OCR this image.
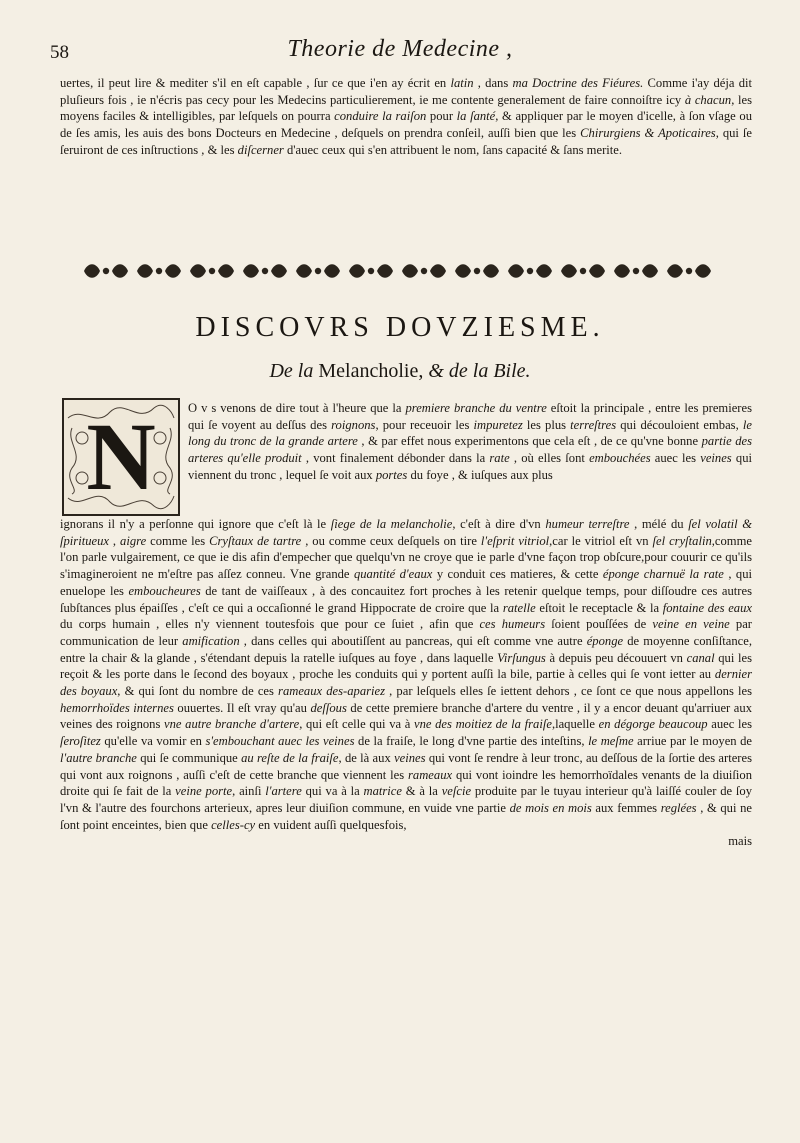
58	Theorie de Medecine ,
uertes, il peut lire & mediter s'il en eſt capable , ſur ce que i'en ay écrit en latin , dans ma Doctrine des Fiéures. Comme i'ay déja dit pluſieurs fois , ie n'écris pas cecy pour les Medecins particulierement, ie me contente generalement de faire connoiſtre icy à chacun, les moyens faciles & intelligibles, par leſquels on pourra conduire la raiſon pour la ſanté, & appliquer par le moyen d'icelle, à ſon vſage ou de ſes amis, les auis des bons Docteurs en Medecine , deſquels on prendra conſeil, auſſi bien que les Chirurgiens & Apoticaires, qui ſe ſeruiront de ces inſtructions , & les diſcerner d'auec ceux qui s'en attribuent le nom, ſans capacité & ſans merite.
DISCOVRS DOVZIESME.
De la Melancholie, & de la Bile.
N	O v s venons de dire tout à l'heure que la premiere branche du ventre eſtoit la principale , entre les premieres qui ſe voyent au deſſus des roignons, pour receuoir les impuretez les plus terreſtres qui découloient embas, le long du tronc de la grande artere , & par effet nous experimentons que cela eſt , de ce qu'vne bonne partie des arteres qu'elle produit , vont finalement débonder dans la rate , où elles ſont embouchées auec les veines qui viennent du tronc , lequel ſe voit aux portes du foye , & iuſques aux plus
ignorans il n'y a perſonne qui ignore que c'eſt là le ſiege de la melancholie, c'eſt à dire d'vn humeur terreſtre , mélé du ſel volatil & ſpiritueux , aigre comme les Cryſtaux de tartre , ou comme ceux deſquels on tire l'eſprit vitriol,car le vitriol eſt vn ſel cryſtalin,comme l'on parle vulgairement, ce que ie dis afin d'empecher que quelqu'vn ne croye que ie parle d'vne façon trop obſcure,pour couurir ce qu'ils s'imagineroient ne m'eſtre pas aſſez conneu. Vne grande quantité d'eaux y conduit ces matieres, & cette éponge charnuë la rate , qui enuelope les emboucheures de tant de vaiſſeaux , à des concauitez fort proches à les retenir quelque temps, pour diſſoudre ces autres ſubſtances plus épaiſſes , c'eſt ce qui a occaſionné le grand Hippocrate de croire que la ratelle eſtoit le receptacle & la fontaine des eaux du corps humain , elles n'y viennent toutesfois que pour ce ſuiet , afin que ces humeurs ſoient pouſſées de veine en veine par communication de leur amification , dans celles qui aboutiſſent au pancreas, qui eſt comme vne autre éponge de moyenne conſiſtance, entre la chair & la glande , s'étendant depuis la ratelle iuſques au foye , dans laquelle Virſungus à depuis peu découuert vn canal qui les reçoit & les porte dans le ſecond des boyaux , proche les conduits qui y portent auſſi la bile, partie à celles qui ſe vont ietter au dernier des boyaux, & qui ſont du nombre de ces rameaux des-apariez , par leſquels elles ſe iettent dehors , ce ſont ce que nous appellons les hemorrhoïdes internes ouuertes. Il eſt vray qu'au deſſous de cette premiere branche d'artere du ventre , il y a encor deuant qu'arriuer aux veines des roignons vne autre branche d'artere, qui eſt celle qui va à vne des moitiez de la fraiſe,laquelle en dégorge beaucoup auec les ſeroſitez qu'elle va vomir en s'embouchant auec les veines de la fraiſe, le long d'vne partie des inteſtins, le meſme arriue par le moyen de l'autre branche qui ſe communique au reſte de la fraiſe, de là aux veines qui vont ſe rendre à leur tronc, au deſſous de la ſortie des arteres qui vont aux roignons , auſſi c'eſt de cette branche que viennent les rameaux qui vont ioindre les hemorrhoïdales venants de la diuiſion droite qui ſe fait de la veine porte, ainſi l'artere qui va à la matrice & à la veſcie produite par le tuyau interieur qu'à laiſſé couler de ſoy l'vn & l'autre des fourchons arterieux, apres leur diuiſion commune, en vuide vne partie de mois en mois aux femmes reglées , & qui ne ſont point enceintes, bien que celles-cy en vuident auſſi quelquesfois,
mais
